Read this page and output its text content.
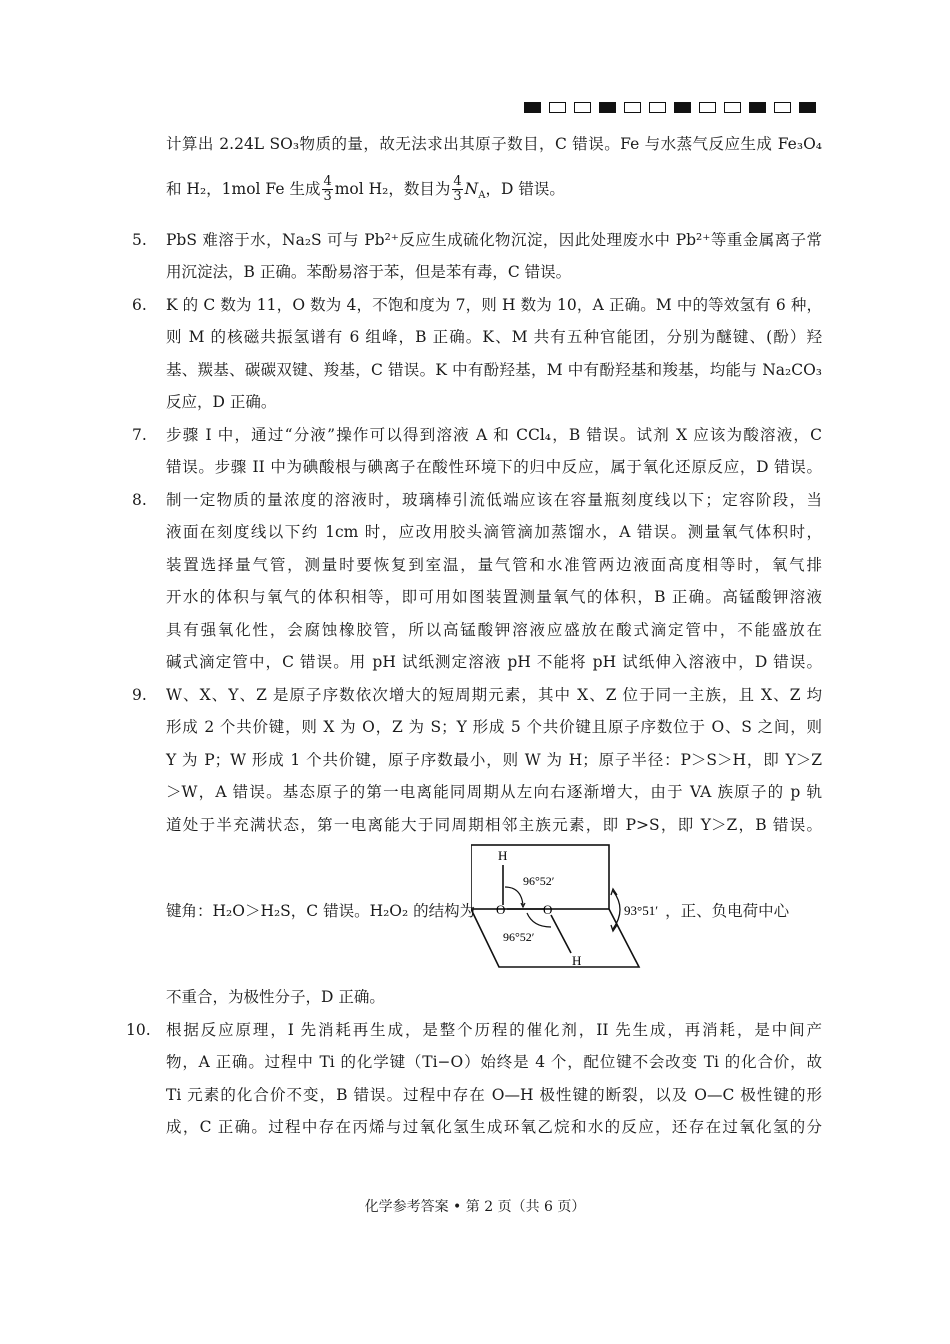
计算出 2.24L SO₃物质的量，故无法求出其原子数目，C 错误。Fe 与水蒸气反应生成 Fe₃O₄
和 H₂，1mol Fe 生成 $\frac{4}{3}$ mol H₂，数目为 $\frac{4}{3} N_A$，D 错误。
5.	PbS 难溶于水，Na₂S 可与 Pb²⁺反应生成硫化物沉淀，因此处理废水中 Pb²⁺等重金属离子常
用沉淀法，B 正确。苯酚易溶于苯，但是苯有毒，C 错误。
6.	K 的 C 数为 11，O 数为 4，不饱和度为 7，则 H 数为 10，A 正确。M 中的等效氢有 6 种，
则 M 的核磁共振氢谱有 6 组峰，B 正确。K、M 共有五种官能团，分别为醚键、(酚）羟
基、羰基、碳碳双键、羧基，C 错误。K 中有酚羟基，M 中有酚羟基和羧基，均能与 Na₂CO₃
反应，D 正确。
7.	步骤 I 中，通过“分液”操作可以得到溶液 A 和 CCl₄，B 错误。试剂 X 应该为酸溶液，C
错误。步骤 II 中为碘酸根与碘离子在酸性环境下的归中反应，属于氧化还原反应，D 错误。
8.	制一定物质的量浓度的溶液时，玻璃棒引流低端应该在容量瓶刻度线以下；定容阶段，当
液面在刻度线以下约 1cm 时，应改用胶头滴管滴加蒸馏水，A 错误。测量氧气体积时，
装置选择量气管，测量时要恢复到室温，量气管和水准管两边液面高度相等时，氧气排
开水的体积与氧气的体积相等，即可用如图装置测量氧气的体积，B 正确。高锰酸钾溶液
具有强氧化性，会腐蚀橡胶管，所以高锰酸钾溶液应盛放在酸式滴定管中，不能盛放在
碱式滴定管中，C 错误。用 pH 试纸测定溶液 pH 不能将 pH 试纸伸入溶液中，D 错误。
9.	W、X、Y、Z 是原子序数依次增大的短周期元素，其中 X、Z 位于同一主族，且 X、Z 均
形成 2 个共价键，则 X 为 O，Z 为 S；Y 形成 5 个共价键且原子序数位于 O、S 之间，则
Y 为 P；W 形成 1 个共价键，原子序数最小，则 W 为 H；原子半径：P＞S＞H，即 Y＞Z
＞W，A 错误。基态原子的第一电离能同周期从左向右逐渐增大，由于 VA 族原子的 p 轨
道处于半充满状态，第一电离能大于同周期相邻主族元素，即 P>S，即 Y＞Z，B 错误。
键角：H₂O＞H₂S，C 错误。H₂O₂ 的结构为
H
O	O
H
96°52′
96°52′
93°51′ ，正、负电荷中心
不重合，为极性分子，D 正确。
10. 根据反应原理，I 先消耗再生成，是整个历程的催化剂，II 先生成，再消耗，是中间产
物，A 正确。过程中 Ti 的化学键（Ti−O）始终是 4 个，配位键不会改变 Ti 的化合价，故
Ti 元素的化合价不变，B 错误。过程中存在 O—H 极性键的断裂，以及 O—C 极性键的形
成，C 正确。过程中存在丙烯与过氧化氢生成环氧乙烷和水的反应，还存在过氧化氢的分
化学参考答案 • 第 2 页（共 6 页）
